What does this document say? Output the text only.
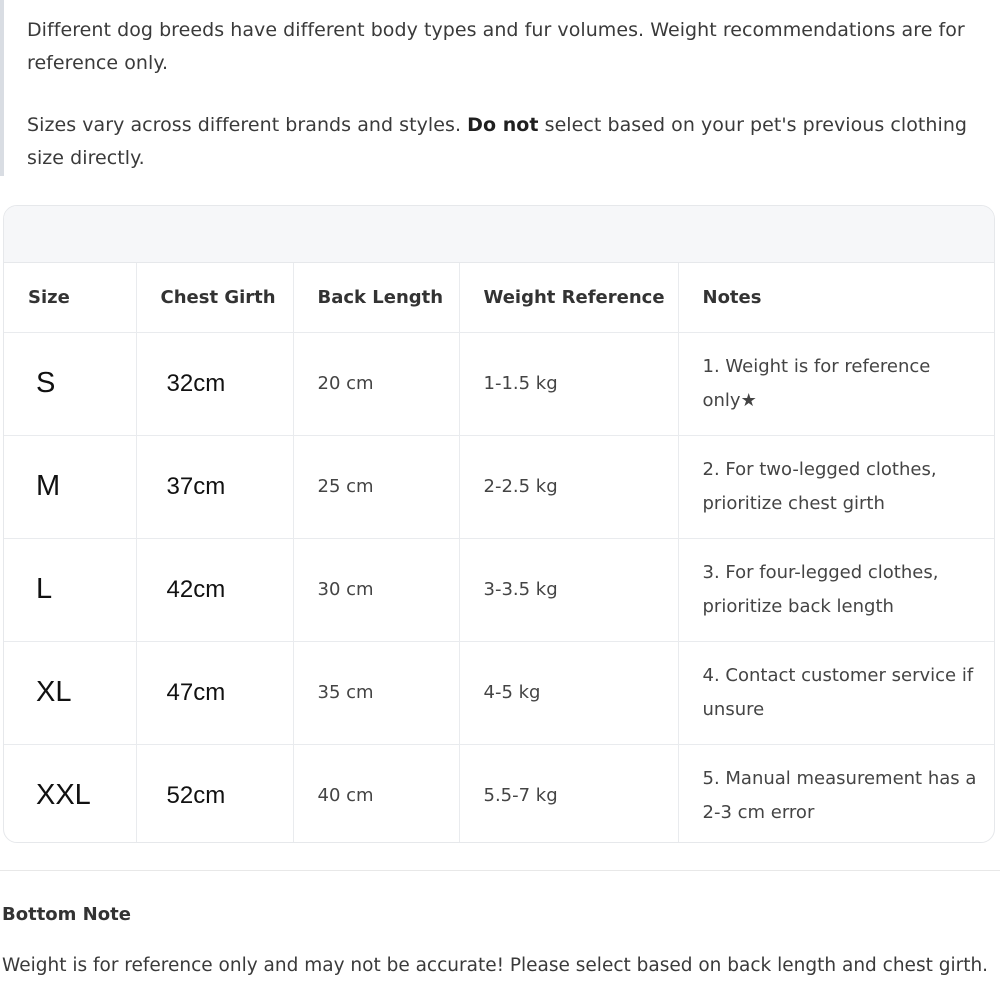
Different dog breeds have different body types and fur volumes. Weight recommendations are for reference only.

Sizes vary across different brands and styles. Do not select based on your pet's previous clothing size directly.

Size	Chest Girth	Back Length	Weight Reference	Notes
S	32cm	20 cm	1-1.5 kg	1. Weight is for reference only★
M	37cm	25 cm	2-2.5 kg	2. For two-legged clothes, prioritize chest girth
L	42cm	30 cm	3-3.5 kg	3. For four-legged clothes, prioritize back length
XL	47cm	35 cm	4-5 kg	4. Contact customer service if unsure
XXL	52cm	40 cm	5.5-7 kg	5. Manual measurement has a 2-3 cm error
Bottom Note
Weight is for reference only and may not be accurate! Please select based on back length and chest girth.
